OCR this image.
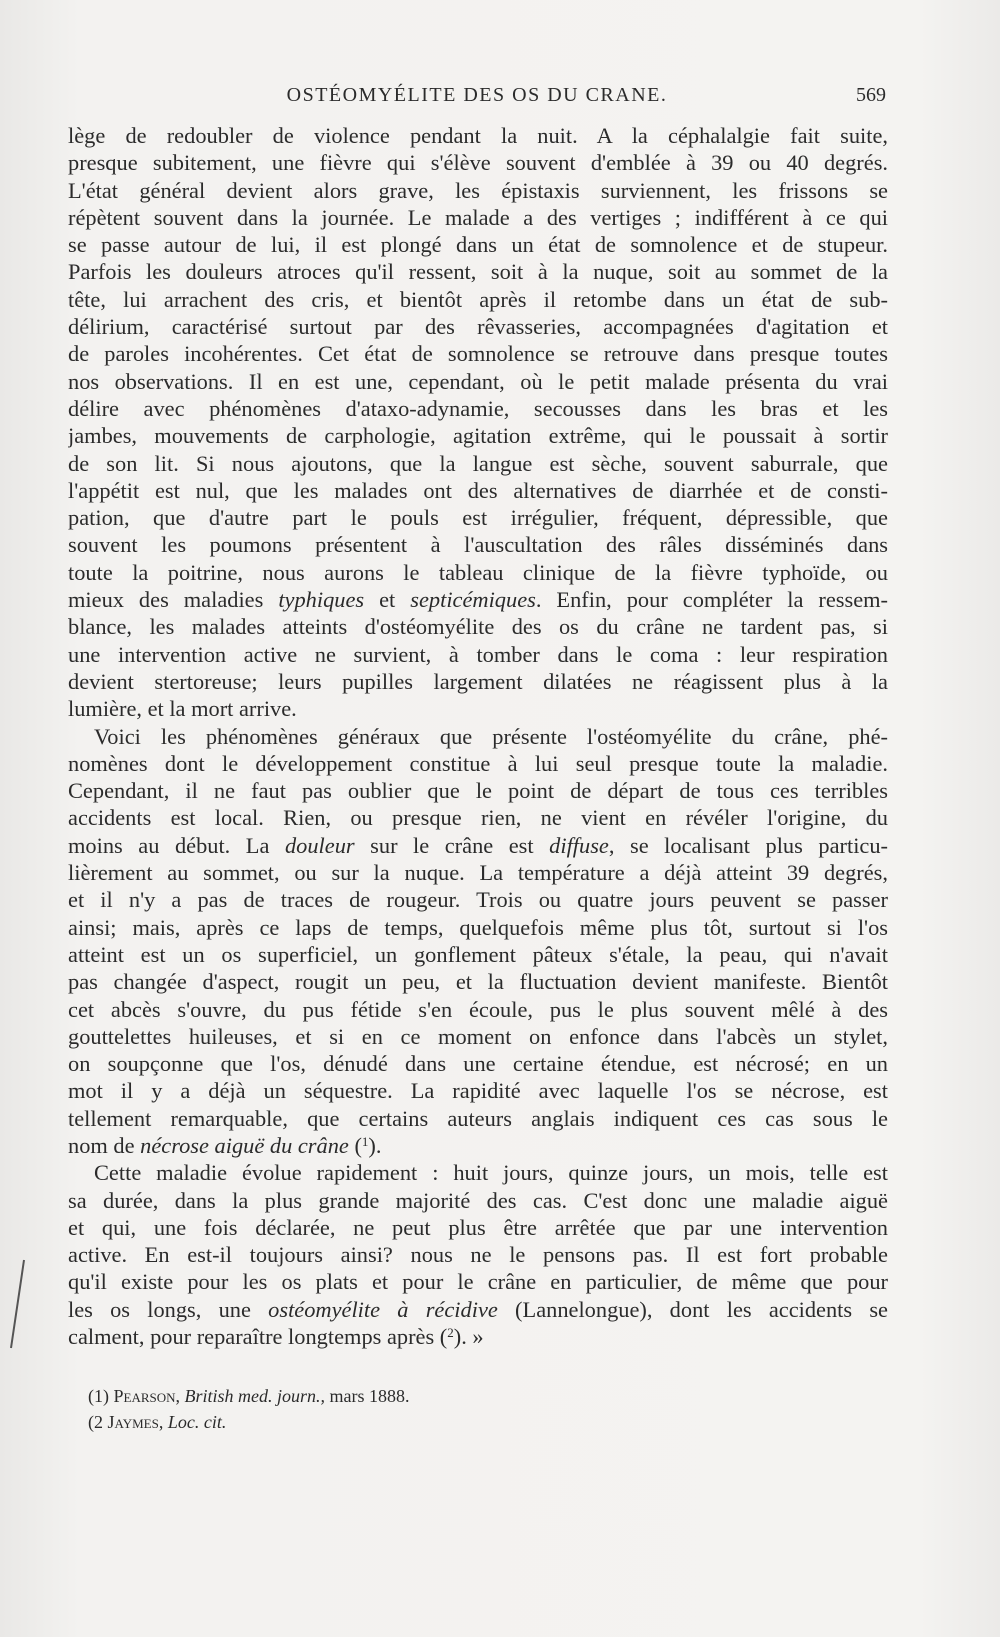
OSTÉOMYÉLITE DES OS DU CRANE.	569
lège de redoubler de violence pendant la nuit. A la céphalalgie fait suite,
presque subitement, une fièvre qui s'élève souvent d'emblée à 39 ou 40 degrés.
L'état général devient alors grave, les épistaxis surviennent, les frissons se
répètent souvent dans la journée. Le malade a des vertiges ; indifférent à ce qui
se passe autour de lui, il est plongé dans un état de somnolence et de stupeur.
Parfois les douleurs atroces qu'il ressent, soit à la nuque, soit au sommet de la
tête, lui arrachent des cris, et bientôt après il retombe dans un état de sub-
délirium, caractérisé surtout par des rêvasseries, accompagnées d'agitation et
de paroles incohérentes. Cet état de somnolence se retrouve dans presque toutes
nos observations. Il en est une, cependant, où le petit malade présenta du vrai
délire avec phénomènes d'ataxo-adynamie, secousses dans les bras et les
jambes, mouvements de carphologie, agitation extrême, qui le poussait à sortir
de son lit. Si nous ajoutons, que la langue est sèche, souvent saburrale, que
l'appétit est nul, que les malades ont des alternatives de diarrhée et de consti-
pation, que d'autre part le pouls est irrégulier, fréquent, dépressible, que
souvent les poumons présentent à l'auscultation des râles disséminés dans
toute la poitrine, nous aurons le tableau clinique de la fièvre typhoïde, ou
mieux des maladies typhiques et septicémiques. Enfin, pour compléter la ressem-
blance, les malades atteints d'ostéomyélite des os du crâne ne tardent pas, si
une intervention active ne survient, à tomber dans le coma : leur respiration
devient stertoreuse; leurs pupilles largement dilatées ne réagissent plus à la
lumière, et la mort arrive.
Voici les phénomènes généraux que présente l'ostéomyélite du crâne, phé-
nomènes dont le développement constitue à lui seul presque toute la maladie.
Cependant, il ne faut pas oublier que le point de départ de tous ces terribles
accidents est local. Rien, ou presque rien, ne vient en révéler l'origine, du
moins au début. La douleur sur le crâne est diffuse, se localisant plus particu-
lièrement au sommet, ou sur la nuque. La température a déjà atteint 39 degrés,
et il n'y a pas de traces de rougeur. Trois ou quatre jours peuvent se passer
ainsi; mais, après ce laps de temps, quelquefois même plus tôt, surtout si l'os
atteint est un os superficiel, un gonflement pâteux s'étale, la peau, qui n'avait
pas changée d'aspect, rougit un peu, et la fluctuation devient manifeste. Bientôt
cet abcès s'ouvre, du pus fétide s'en écoule, pus le plus souvent mêlé à des
gouttelettes huileuses, et si en ce moment on enfonce dans l'abcès un stylet,
on soupçonne que l'os, dénudé dans une certaine étendue, est nécrosé; en un
mot il y a déjà un séquestre. La rapidité avec laquelle l'os se nécrose, est
tellement remarquable, que certains auteurs anglais indiquent ces cas sous le
nom de nécrose aiguë du crâne ($^1$).
Cette maladie évolue rapidement : huit jours, quinze jours, un mois, telle est
sa durée, dans la plus grande majorité des cas. C'est donc une maladie aiguë
et qui, une fois déclarée, ne peut plus être arrêtée que par une intervention
active. En est-il toujours ainsi? nous ne le pensons pas. Il est fort probable
qu'il existe pour les os plats et pour le crâne en particulier, de même que pour
les os longs, une ostéomyélite à récidive (Lannelongue), dont les accidents se
calment, pour reparaître longtemps après ($^2$). »
(1) Pearson, British med. journ., mars 1888.
(2 Jaymes, Loc. cit.
